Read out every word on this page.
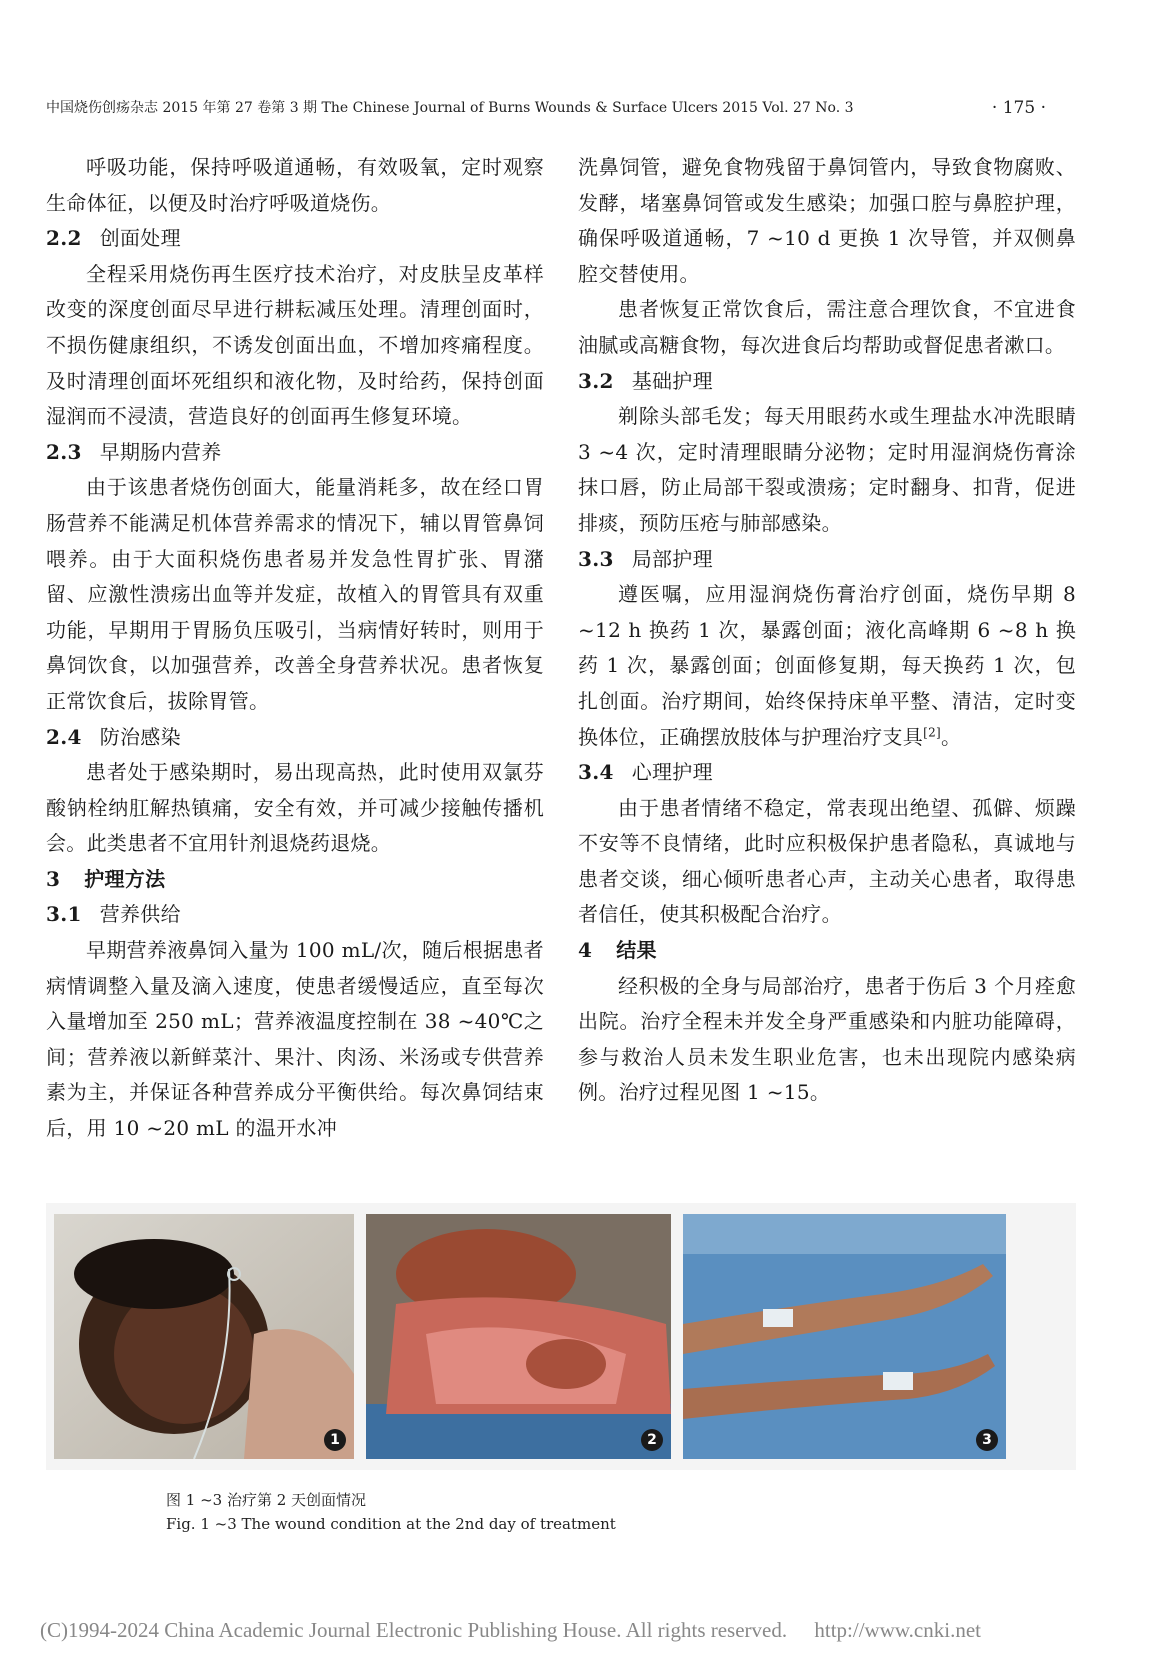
中国烧伤创疡杂志 2015 年第 27 卷第 3 期 The Chinese Journal of Burns Wounds & Surface Ulcers 2015 Vol. 27 No. 3	· 175 ·

呼吸功能，保持呼吸道通畅，有效吸氧，定时观察生命体征，以便及时治疗呼吸道烧伤。

2.2 创面处理

全程采用烧伤再生医疗技术治疗，对皮肤呈皮革样改变的深度创面尽早进行耕耘减压处理。清理创面时，不损伤健康组织，不诱发创面出血，不增加疼痛程度。及时清理创面坏死组织和液化物，及时给药，保持创面湿润而不浸渍，营造良好的创面再生修复环境。

2.3 早期肠内营养

由于该患者烧伤创面大，能量消耗多，故在经口胃肠营养不能满足机体营养需求的情况下，辅以胃管鼻饲喂养。由于大面积烧伤患者易并发急性胃扩张、胃潴留、应激性溃疡出血等并发症，故植入的胃管具有双重功能，早期用于胃肠负压吸引，当病情好转时，则用于鼻饲饮食，以加强营养，改善全身营养状况。患者恢复正常饮食后，拔除胃管。

2.4 防治感染

患者处于感染期时，易出现高热，此时使用双氯芬酸钠栓纳肛解热镇痛，安全有效，并可减少接触传播机会。此类患者不宜用针剂退烧药退烧。

3 护理方法

3.1 营养供给

早期营养液鼻饲入量为 100 mL/次，随后根据患者病情调整入量及滴入速度，使患者缓慢适应，直至每次入量增加至 250 mL；营养液温度控制在 38 ~40℃之间；营养液以新鲜菜汁、果汁、肉汤、米汤或专供营养素为主，并保证各种营养成分平衡供给。每次鼻饲结束后，用 10 ~20 mL 的温开水冲

洗鼻饲管，避免食物残留于鼻饲管内，导致食物腐败、发酵，堵塞鼻饲管或发生感染；加强口腔与鼻腔护理，确保呼吸道通畅，7 ~10 d 更换 1 次导管，并双侧鼻腔交替使用。

患者恢复正常饮食后，需注意合理饮食，不宜进食油腻或高糖食物，每次进食后均帮助或督促患者漱口。

3.2 基础护理

剃除头部毛发；每天用眼药水或生理盐水冲洗眼睛 3 ~4 次，定时清理眼睛分泌物；定时用湿润烧伤膏涂抹口唇，防止局部干裂或溃疡；定时翻身、扣背，促进排痰，预防压疮与肺部感染。

3.3 局部护理

遵医嘱，应用湿润烧伤膏治疗创面，烧伤早期 8 ~12 h 换药 1 次，暴露创面；液化高峰期 6 ~8 h 换药 1 次，暴露创面；创面修复期，每天换药 1 次，包扎创面。治疗期间，始终保持床单平整、清洁，定时变换体位，正确摆放肢体与护理治疗支具[2]。

3.4 心理护理

由于患者情绪不稳定，常表现出绝望、孤僻、烦躁不安等不良情绪，此时应积极保护患者隐私，真诚地与患者交谈，细心倾听患者心声，主动关心患者，取得患者信任，使其积极配合治疗。

4 结果

经积极的全身与局部治疗，患者于伤后 3 个月痊愈出院。治疗全程未并发全身严重感染和内脏功能障碍，参与救治人员未发生职业危害，也未出现院内感染病例。治疗过程见图 1 ~15。

1	2	3
图 1 ~3 治疗第 2 天创面情况
Fig. 1 ~3 The wound condition at the 2nd day of treatment
(C)1994-2024 China Academic Journal Electronic Publishing House. All rights reserved. http://www.cnki.net
